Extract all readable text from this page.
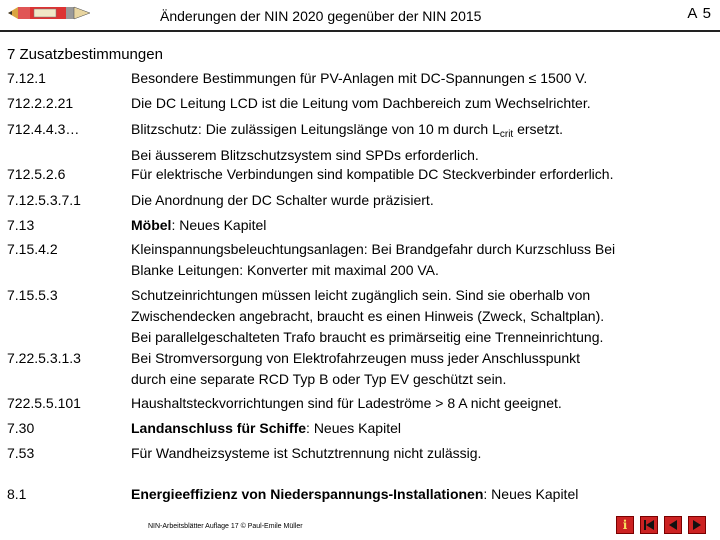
Änderungen der NIN 2020 gegenüber der NIN 2015	A 5
7 Zusatzbestimmungen
7.12.1	Besondere Bestimmungen für PV-Anlagen mit DC-Spannungen ≤ 1500 V.
712.2.2.21	Die DC Leitung LCD ist die Leitung vom Dachbereich zum Wechselrichter.
712.4.4.3…	Blitzschutz: Die zulässigen Leitungslänge von 10 m durch $L_{crit}$ ersetzt.
Bei äusserem Blitzschutzsystem sind SPDs erforderlich.
712.5.2.6	Für elektrische Verbindungen sind kompatible DC Steckverbinder erforderlich.
7.12.5.3.7.1	Die Anordnung der DC Schalter wurde präzisiert.
7.13	Möbel: Neues Kapitel
7.15.4.2	Kleinspannungsbeleuchtungsanlagen: Bei Brandgefahr durch Kurzschluss Bei
Blanke Leitungen: Konverter mit maximal 200 VA.
7.15.5.3	Schutzeinrichtungen müssen leicht zugänglich sein. Sind sie oberhalb von
Zwischendecken angebracht, braucht es einen Hinweis (Zweck, Schaltplan).
Bei parallelgeschalteten Trafo braucht es primärseitig eine Trenneinrichtung.
7.22.5.3.1.3	Bei Stromversorgung von Elektrofahrzeugen muss jeder Anschlusspunkt
durch eine separate RCD Typ B oder Typ EV geschützt sein.
722.5.5.101	Haushaltsteckvorrichtungen sind für Ladeströme > 8 A nicht geeignet.
7.30	Landanschluss für Schiffe: Neues Kapitel
7.53	Für Wandheizsysteme ist Schutztrennung nicht zulässig.
8.1	Energieeffizienz von Niederspannungs-Installationen: Neues Kapitel
NIN-Arbeitsblätter Auflage 17 © Paul-Emile Müller	i
